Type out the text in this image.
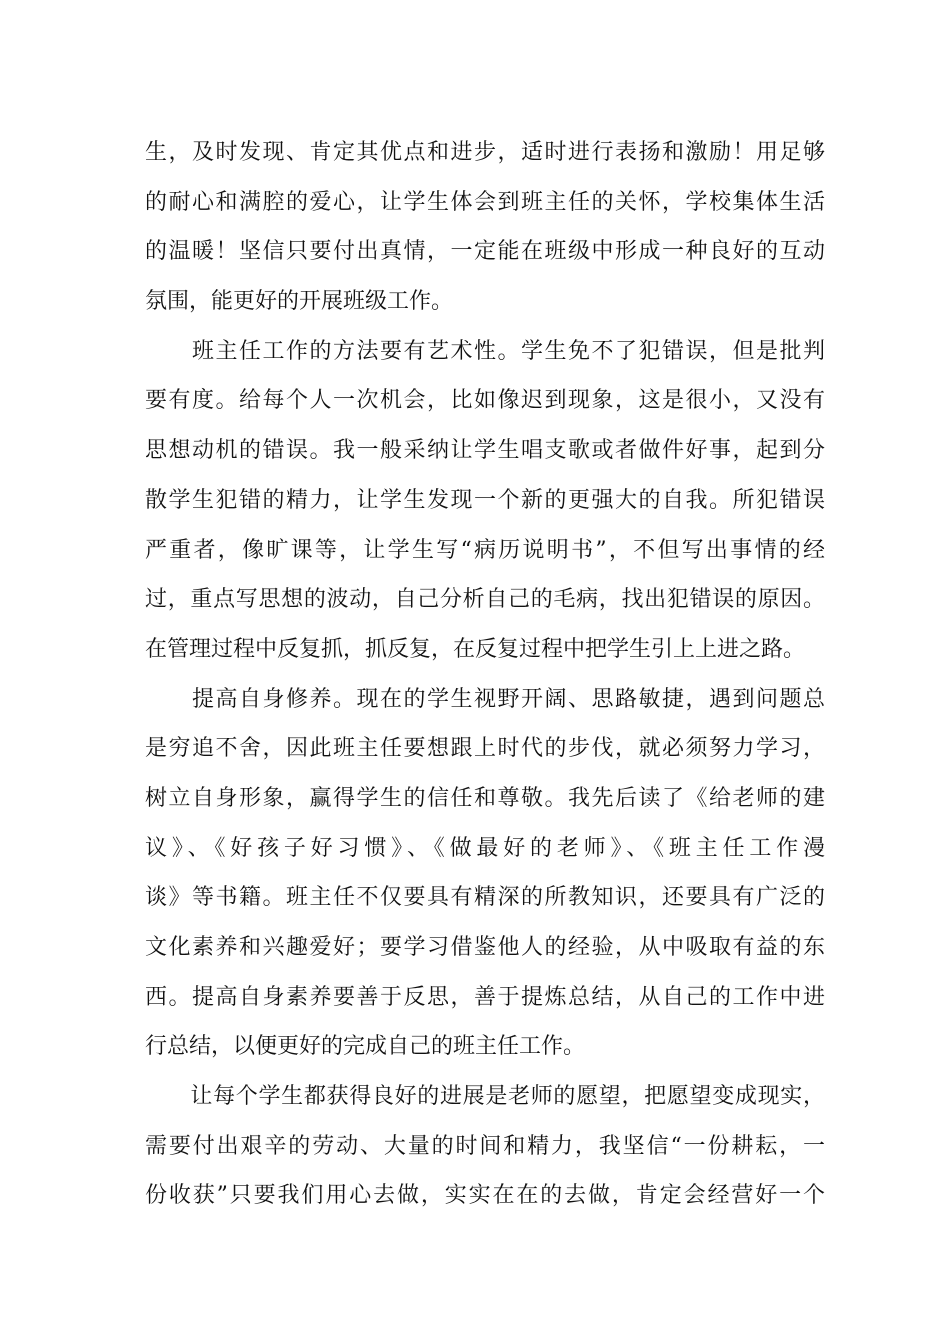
生，及时发现、肯定其优点和进步，适时进行表扬和激励！用足够
的耐心和满腔的爱心，让学生体会到班主任的关怀，学校集体生活
的温暖！坚信只要付出真情，一定能在班级中形成一种良好的互动
氛围，能更好的开展班级工作。
　　班主任工作的方法要有艺术性。学生免不了犯错误，但是批判
要有度。给每个人一次机会，比如像迟到现象，这是很小，又没有
思想动机的错误。我一般采纳让学生唱支歌或者做件好事，起到分
散学生犯错的精力，让学生发现一个新的更强大的自我。所犯错误
严重者，像旷课等，让学生写“病历说明书”，不但写出事情的经
过，重点写思想的波动，自己分析自己的毛病，找出犯错误的原因。
在管理过程中反复抓，抓反复，在反复过程中把学生引上上进之路。
　　提高自身修养。现在的学生视野开阔、思路敏捷，遇到问题总
是穷追不舍，因此班主任要想跟上时代的步伐，就必须努力学习，
树立自身形象，赢得学生的信任和尊敬。我先后读了《给老师的建
议》、《好孩子好习惯》、《做最好的老师》、《班主任工作漫
谈》等书籍。班主任不仅要具有精深的所教知识，还要具有广泛的
文化素养和兴趣爱好；要学习借鉴他人的经验，从中吸取有益的东
西。提高自身素养要善于反思，善于提炼总结，从自己的工作中进
行总结，以便更好的完成自己的班主任工作。
　　让每个学生都获得良好的进展是老师的愿望，把愿望变成现实，
需要付出艰辛的劳动、大量的时间和精力，我坚信“一份耕耘，一
份收获”只要我们用心去做，实实在在的去做，肯定会经营好一个
